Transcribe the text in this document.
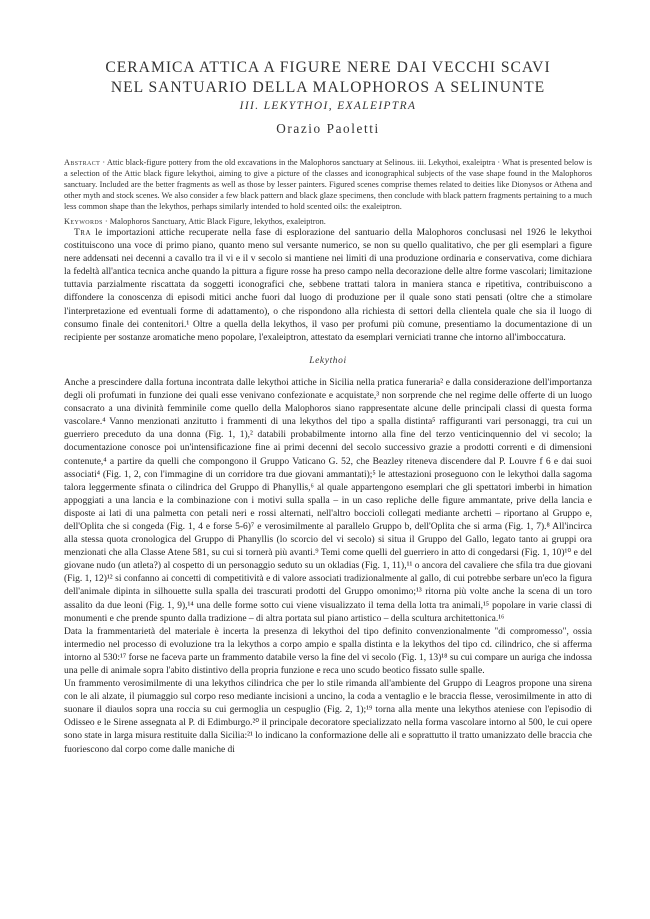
CERAMICA ATTICA A FIGURE NERE DAI VECCHI SCAVI
NEL SANTUARIO DELLA MALOPHOROS A SELINUNTE
III. LEKYTHOI, EXALEIPTRA
Orazio Paoletti
Abstract · Attic black-figure pottery from the old excavations in the Malophoros sanctuary at Selinous. iii. Lekythoi, exaleiptra · What is presented below is a selection of the Attic black figure lekythoi, aiming to give a picture of the classes and iconographical subjects of the vase shape found in the Malophoros sanctuary. Included are the better fragments as well as those by lesser painters. Figured scenes comprise themes related to deities like Dionysos or Athena and other myth and stock scenes. We also consider a few black pattern and black glaze specimens, then conclude with black pattern fragments pertaining to a much less common shape than the lekythos, perhaps similarly intended to hold scented oils: the exaleiptron.
Keywords · Malophoros Sanctuary, Attic Black Figure, lekythos, exaleiptron.

Tra le importazioni attiche recuperate nella fase di esplorazione del santuario della Malophoros conclusasi nel 1926 le lekythoi costituiscono una voce di primo piano, quanto meno sul versante numerico, se non su quello qualitativo, che per gli esemplari a figure nere addensati nei decenni a cavallo tra il vi e il v secolo si mantiene nei limiti di una produzione ordinaria e conservativa, come dichiara la fedeltà all'antica tecnica anche quando la pittura a figure rosse ha preso campo nella decorazione delle altre forme vascolari; limitazione tuttavia parzialmente riscattata da soggetti iconografici che, sebbene trattati talora in maniera stanca e ripetitiva, contribuiscono a diffondere la conoscenza di episodi mitici anche fuori dal luogo di produzione per il quale sono stati pensati (oltre che a stimolare l'interpretazione ed eventuali forme di adattamento), o che rispondono alla richiesta di settori della clientela quale che sia il luogo di consumo finale dei contenitori.¹ Oltre a quella della lekythos, il vaso per profumi più comune, presentiamo la documentazione di un recipiente per sostanze aromatiche meno popolare, l'exaleiptron, attestato da esemplari verniciati tranne che intorno all'imboccatura.

Lekythoi

Anche a prescindere dalla fortuna incontrata dalle lekythoi attiche in Sicilia nella pratica funeraria² e dalla considerazione dell'importanza degli oli profumati in funzione dei quali esse venivano confezionate e acquistate,³ non sorprende che nel regime delle offerte di un luogo consacrato a una divinità femminile come quello della Malophoros siano rappresentate alcune delle principali classi di questa forma vascolare.⁴ Vanno menzionati anzitutto i frammenti di una lekythos del tipo a spalla distinta⁵ raffiguranti vari personaggi, tra cui un guerriero preceduto da una donna (Fig. 1, 1),² databili probabilmente intorno alla fine del terzo venticinquennio del vi secolo; la documentazione conosce poi un'intensificazione fine ai primi decenni del secolo successivo grazie a prodotti correnti e di dimensioni contenute,⁴ a partire da quelli che compongono il Gruppo Vaticano G. 52, che Beazley riteneva discendere dal P. Louvre f 6 e dai suoi associati⁴ (Fig. 1, 2, con l'immagine di un corridore tra due giovani ammantati);⁵ le attestazioni proseguono con le lekythoi dalla sagoma talora leggermente sfinata o cilindrica del Gruppo di Phanyllis,⁶ al quale appartengono esemplari che gli spettatori imberbi in himation appoggiati a una lancia e la combinazione con i motivi sulla spalla – in un caso repliche delle figure ammantate, prive della lancia e disposte ai lati di una palmetta con petali neri e rossi alternati, nell'altro boccioli collegati mediante archetti – riportano al Gruppo e, dell'Oplita che si congeda (Fig. 1, 4 e forse 5-6)⁷ e verosimilmente al parallelo Gruppo b, dell'Oplita che si arma (Fig. 1, 7).⁸ All'incirca alla stessa quota cronologica del Gruppo di Phanyllis (lo scorcio del vi secolo) si situa il Gruppo del Gallo, legato tanto ai gruppi ora menzionati che alla Classe Atene 581, su cui si tornerà più avanti.⁹ Temi come quelli del guerriero in atto di congedarsi (Fig. 1, 10)¹⁰ e del giovane nudo (un atleta?) al cospetto di un personaggio seduto su un okladias (Fig. 1, 11),¹¹ o ancora del cavaliere che sfila tra due giovani (Fig. 1, 12)¹² si confanno ai concetti di competitività e di valore associati tradizionalmente al gallo, di cui potrebbe serbare un'eco la figura dell'animale dipinta in silhouette sulla spalla dei trascurati prodotti del Gruppo omonimo;¹³ ritorna più volte anche la scena di un toro assalito da due leoni (Fig. 1, 9),¹⁴ una delle forme sotto cui viene visualizzato il tema della lotta tra animali,¹⁵ popolare in varie classi di monumenti e che prende spunto dalla tradizione – di altra portata sul piano artistico – della scultura architettonica.¹⁶

Data la frammentarietà del materiale è incerta la presenza di lekythoi del tipo definito convenzionalmente "di compromesso", ossia intermedio nel processo di evoluzione tra la lekythos a corpo ampio e spalla distinta e la lekythos del tipo cd. cilindrico, che si afferma intorno al 530:¹⁷ forse ne faceva parte un frammento databile verso la fine del vi secolo (Fig. 1, 13)¹⁸ su cui compare un auriga che indossa una pelle di animale sopra l'abito distintivo della propria funzione e reca uno scudo beotico fissato sulle spalle.

Un frammento verosimilmente di una lekythos cilindrica che per lo stile rimanda all'ambiente del Gruppo di Leagros propone una sirena con le ali alzate, il piumaggio sul corpo reso mediante incisioni a uncino, la coda a ventaglio e le braccia flesse, verosimilmente in atto di suonare il diaulos sopra una roccia su cui germoglia un cespuglio (Fig. 2, 1);¹⁹ torna alla mente una lekythos ateniese con l'episodio di Odisseo e le Sirene assegnata al P. di Edimburgo.²⁰ il principale decoratore specializzato nella forma vascolare intorno al 500, le cui opere sono state in larga misura restituite dalla Sicilia:²¹ lo indicano la conformazione delle ali e soprattutto il tratto umanizzato delle braccia che fuoriescono dal corpo come dalle maniche di
